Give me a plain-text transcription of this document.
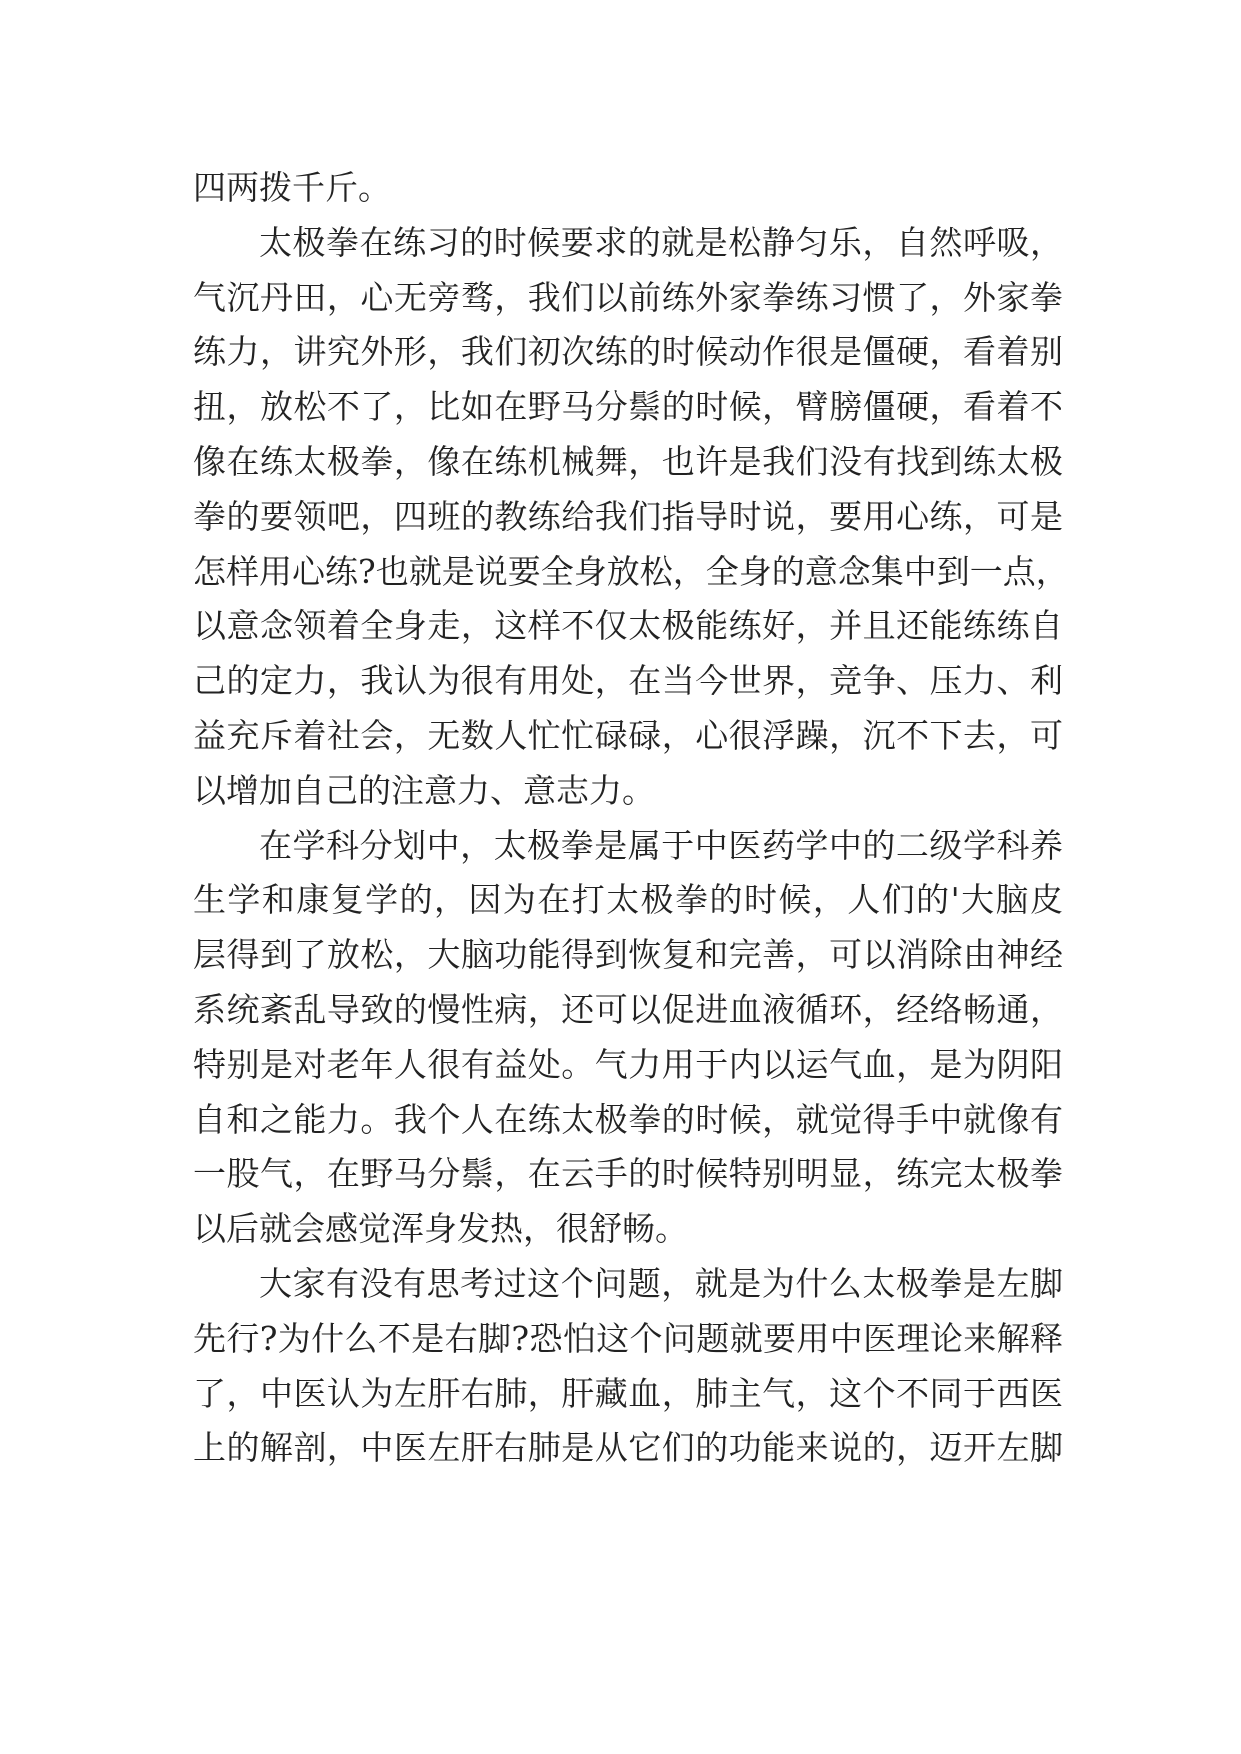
四两拨千斤。
太极拳在练习的时候要求的就是松静匀乐，自然呼吸，
气沉丹田，心无旁骛，我们以前练外家拳练习惯了，外家拳
练力，讲究外形，我们初次练的时候动作很是僵硬，看着别
扭，放松不了，比如在野马分鬃的时候，臂膀僵硬，看着不
像在练太极拳，像在练机械舞，也许是我们没有找到练太极
拳的要领吧，四班的教练给我们指导时说，要用心练，可是
怎样用心练?也就是说要全身放松，全身的意念集中到一点，
以意念领着全身走，这样不仅太极能练好，并且还能练练自
己的定力，我认为很有用处，在当今世界，竞争、压力、利
益充斥着社会，无数人忙忙碌碌，心很浮躁，沉不下去，可
以增加自己的注意力、意志力。
在学科分划中，太极拳是属于中医药学中的二级学科养
生学和康复学的，因为在打太极拳的时候，人们的'大脑皮
层得到了放松，大脑功能得到恢复和完善，可以消除由神经
系统紊乱导致的慢性病，还可以促进血液循环，经络畅通，
特别是对老年人很有益处。气力用于内以运气血，是为阴阳
自和之能力。我个人在练太极拳的时候，就觉得手中就像有
一股气，在野马分鬃，在云手的时候特别明显，练完太极拳
以后就会感觉浑身发热，很舒畅。
大家有没有思考过这个问题，就是为什么太极拳是左脚
先行?为什么不是右脚?恐怕这个问题就要用中医理论来解释
了，中医认为左肝右肺，肝藏血，肺主气，这个不同于西医
上的解剖，中医左肝右肺是从它们的功能来说的，迈开左脚
